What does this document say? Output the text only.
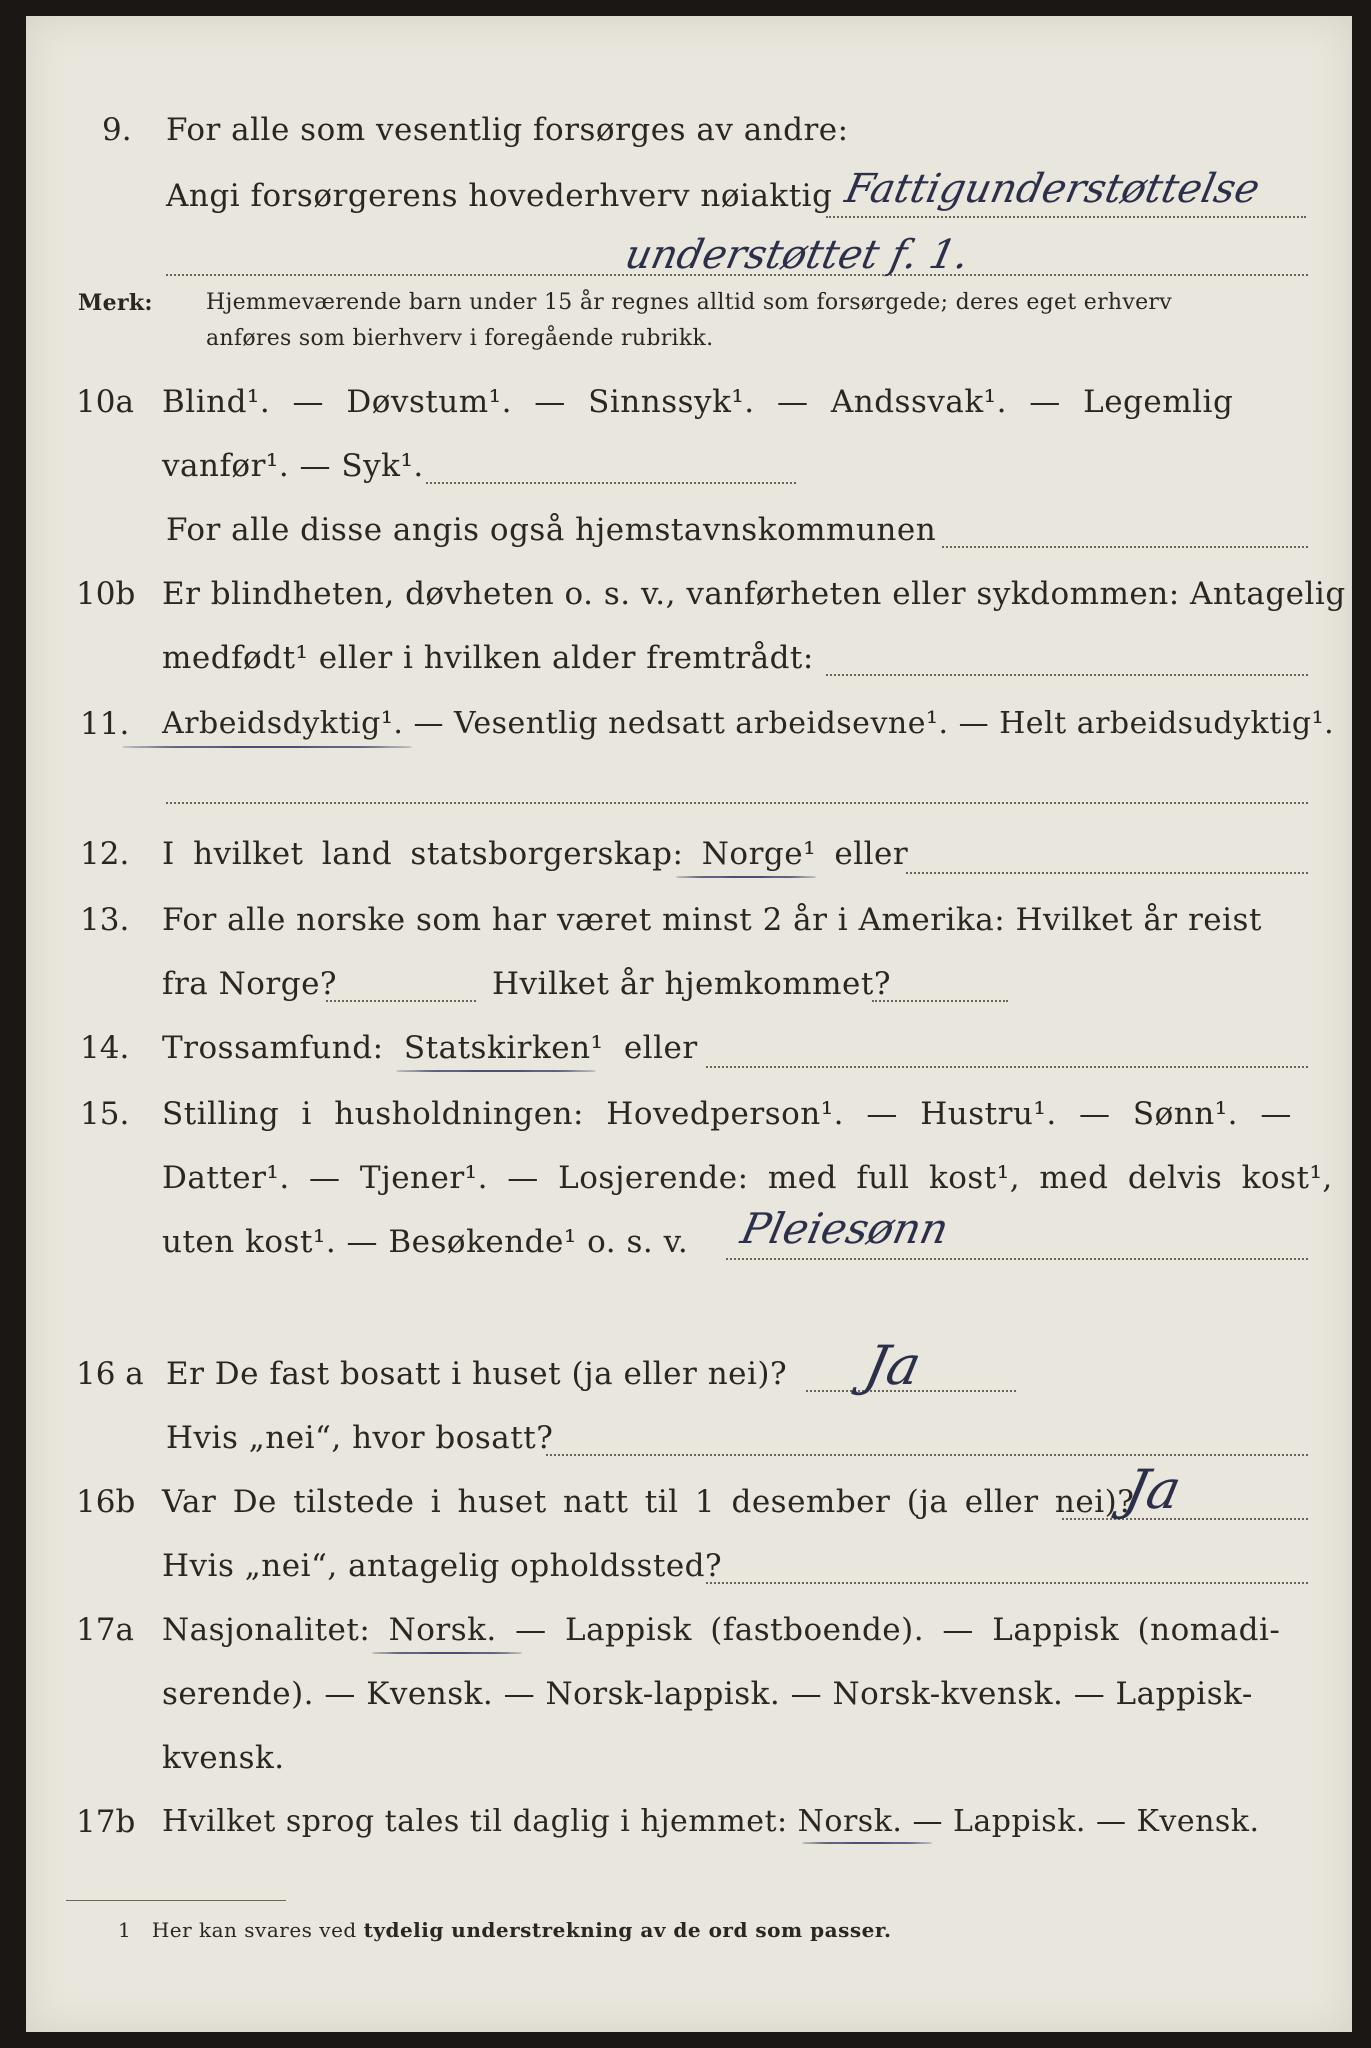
9. For alle som vesentlig forsørges av andre:
Angi forsørgerens hovederhverv nøiaktig Fattigunderstøttelse
understøttet f. 1.
Merk: Hjemmeværende barn under 15 år regnes alltid som forsørgede; deres eget erhverv
anføres som bierhverv i foregående rubrikk.
10a Blind¹. — Døvstum¹. — Sinnssyk¹. — Andssvak¹. — Legemlig
vanfør¹. — Syk¹.
For alle disse angis også hjemstavnskommunen
10b Er blindheten, døvheten o. s. v., vanførheten eller sykdommen: Antagelig
medfødt¹ eller i hvilken alder fremtrådt:
11. Arbeidsdyktig¹. — Vesentlig nedsatt arbeidsevne¹. — Helt arbeidsudyktig¹.
12. I hvilket land statsborgerskap: Norge¹ eller
13. For alle norske som har været minst 2 år i Amerika: Hvilket år reist
fra Norge?	Hvilket år hjemkommet?
14. Trossamfund: Statskirken¹ eller
15. Stilling i husholdningen: Hovedperson¹. — Hustru¹. — Sønn¹. —
Datter¹. — Tjener¹. — Losjerende: med full kost¹, med delvis kost¹,
uten kost¹. — Besøkende¹ o. s. v. Pleiesønn
16 a Er De fast bosatt i huset (ja eller nei)? Ja
Hvis „nei“, hvor bosatt?
16b Var De tilstede i huset natt til 1 desember (ja eller nei)?
Ja
Hvis „nei“, antagelig opholdssted?
17a Nasjonalitet: Norsk. — Lappisk (fastboende). — Lappisk (nomadi-
serende). — Kvensk. — Norsk-lappisk. — Norsk-kvensk. — Lappisk-
kvensk.
17b Hvilket sprog tales til daglig i hjemmet: Norsk. — Lappisk. — Kvensk.
1 Her kan svares ved tydelig understrekning av de ord som passer.
